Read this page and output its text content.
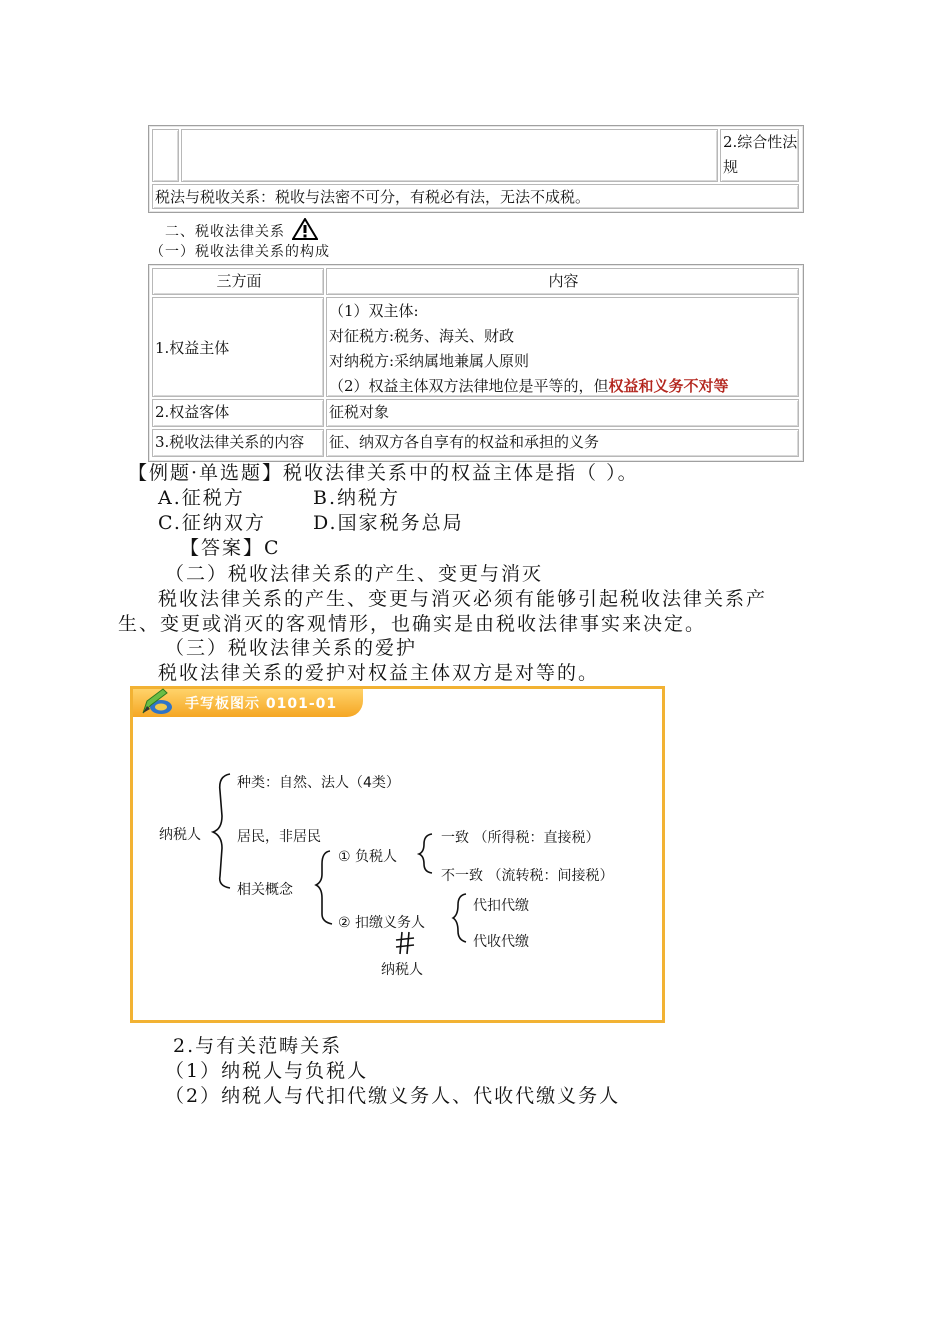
2.综合性法规
税法与税收关系：税收与法密不可分，有税必有法，无法不成税。
二、税收法律关系
（一）税收法律关系的构成
三方面	内容
1.权益主体
（1）双主体:
对征税方:税务、海关、财政
对纳税方:采纳属地兼属人原则
（2）权益主体双方法律地位是平等的，但权益和义务不对等
2.权益客体	征税对象
3.税收法律关系的内容	征、纳双方各自享有的权益和承担的义务
【例题·单选题】税收法律关系中的权益主体是指（ ）。
A.征税方	B.纳税方
C.征纳双方 D.国家税务总局
【答案】C
（二）税收法律关系的产生、变更与消灭
税收法律关系的产生、变更与消灭必须有能够引起税收法律关系产
生、变更或消灭的客观情形，也确实是由税收法律事实来决定。
（三）税收法律关系的爱护
税收法律关系的爱护对权益主体双方是对等的。
手写板图示 0101-01
纳税人
种类：自然、法人（4类）
居民，非居民
相关概念
① 负税人
一致 （所得税：直接税）
不一致 （流转税：间接税）
② 扣缴义务人
代扣代缴
代收代缴
纳税人
2.与有关范畴关系
（1）纳税人与负税人
（2）纳税人与代扣代缴义务人、代收代缴义务人
